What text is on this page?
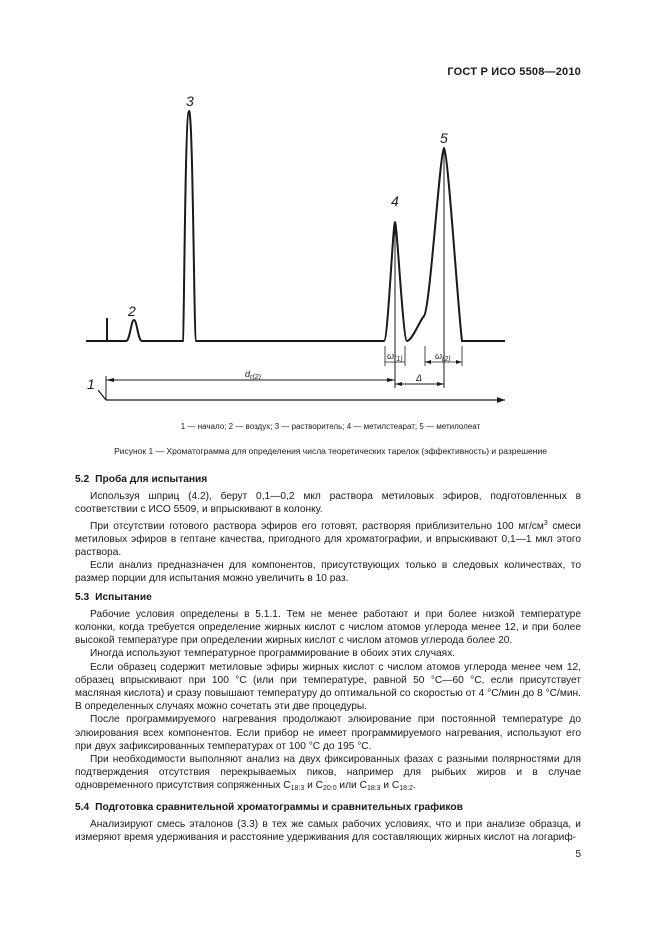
ГОСТ Р ИСО 5508—2010
1
2
3
4
5
$d_{r(2)}$
$\omega_{(1)}$	$\omega_{(2)}$
Δ
1 — начало; 2 — воздух; 3 — растворитель; 4 — метилстеарат; 5 — метилолеат
Рисунок 1 — Хроматограмма для определения числа теоретических тарелок (эффективность) и разрешение
5.2 Проба для испытания

Используя шприц (4.2), берут 0,1—0,2 мкл раствора метиловых эфиров, подготовленных в соответствии с ИСО 5509, и впрыскивают в колонку.

При отсутствии готового раствора эфиров его готовят, растворяя приблизительно 100 $мг/см^3$ смеси метиловых эфиров в гептане качества, пригодного для хроматографии, и впрыскивают 0,1—1 мкл этого раствора.

Если анализ предназначен для компонентов, присутствующих только в следовых количествах, то размер порции для испытания можно увеличить в 10 раз.

5.3 Испытание

Рабочие условия определены в 5.1.1. Тем не менее работают и при более низкой температуре колонки, когда требуется определение жирных кислот с числом атомов углерода менее 12, и при более высокой температуре при определении жирных кислот с числом атомов углерода более 20.

Иногда используют температурное программирование в обоих этих случаях.

Если образец содержит метиловые эфиры жирных кислот с числом атомов углерода менее чем 12, образец впрыскивают при 100 °С (или при температуре, равной 50 °С—60 °С, если присутствует масляная кислота) и сразу повышают температуру до оптимальной со скоростью от 4 °С/мин до 8 °С/мин. В определенных случаях можно сочетать эти две процедуры.

После программируемого нагревания продолжают элюирование при постоянной температуре до элюирования всех компонентов. Если прибор не имеет программируемого нагревания, используют его при двух зафиксированных температурах от 100 °С до 195 °С.

При необходимости выполняют анализ на двух фиксированных фазах с разными полярностями для подтверждения отсутствия перекрываемых пиков, например для рыбьих жиров и в случае одновременного присутствия сопряженных $C_{18:3}$ и $C_{20:0}$ или $C_{18:3}$ и $C_{18:2}$.

5.4 Подготовка сравнительной хроматограммы и сравнительных графиков

Анализируют смесь эталонов (3.3) в тех же самых рабочих условиях, что и при анализе образца, и измеряют время удерживания и расстояние удерживания для составляющих жирных кислот на логариф-

5
